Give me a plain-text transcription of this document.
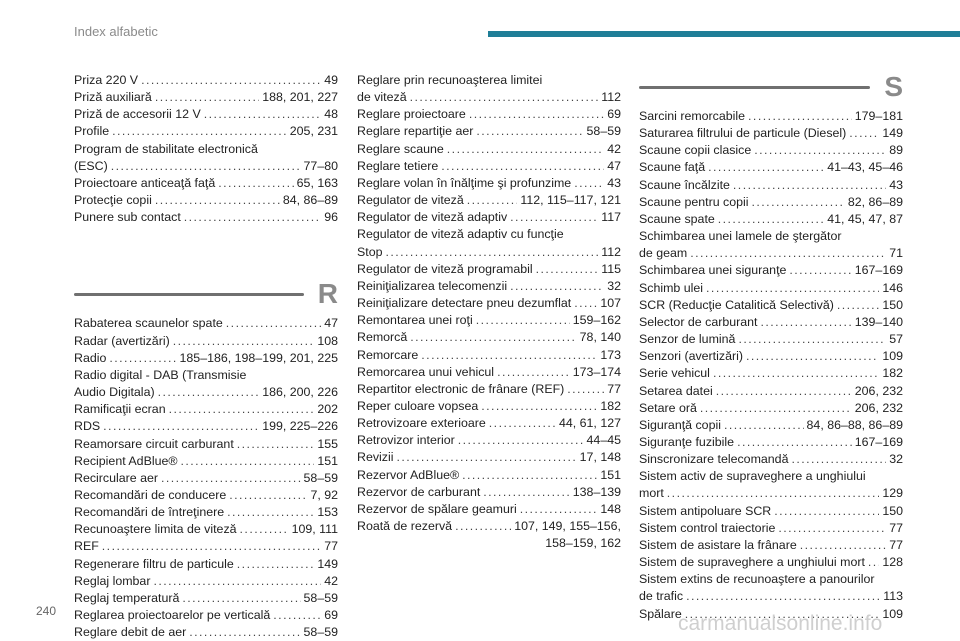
Index alfabetic
Priza 220 V . . .	49
Priză auxiliară . . .	188, 201, 227
Priză de accesorii 12 V . . .	48
Profile . . .	205, 231
Program de stabilitate electronică
(ESC) . . .	77–80
Proiectoare anticeaţă faţă . . .	65, 163
Protecţie copii . . .	84, 86–89
Punere sub contact . . .	96
R
Rabaterea scaunelor spate . . .	47
Radar (avertizări) . . .	108
Radio . . .	185–186, 198–199, 201, 225
Radio digital - DAB (Transmisie
Audio Digitala) . . .	186, 200, 226
Ramificaţii ecran . . .	202
RDS . . .	199, 225–226
Reamorsare circuit carburant . . .	155
Recipient AdBlue® . . .	151
Recirculare aer . . .	58–59
Recomandări de conducere . . .	7, 92
Recomandări de întreţinere . . .	153
Recunoaştere limita de viteză . . .	109, 111
REF . . .	77
Regenerare filtru de particule . . .	149
Reglaj lombar . . .	42
Reglaj temperatură . . .	58–59
Reglarea proiectoarelor pe verticală . . .	69
Reglare debit de aer . . .	58–59
Reglare prin recunoaşterea limitei
de viteză . . .	112
Reglare proiectoare . . .	69
Reglare repartiţie aer . . .	58–59
Reglare scaune . . .	42
Reglare tetiere . . .	47
Reglare volan în înălţime şi profunzime . . .	43
Regulator de viteză . . .	112, 115–117, 121
Regulator de viteză adaptiv . . .	117
Regulator de viteză adaptiv cu funcţie
Stop . . .	112
Regulator de viteză programabil . . .	115
Reiniţializarea telecomenzii . . .	32
Reiniţializare detectare pneu dezumflat . . . 107
Remontarea unei roţi . . .	159–162
Remorcă . . .	78, 140
Remorcare . . .	173
Remorcarea unui vehicul . . .	173–174
Repartitor electronic de frânare (REF) . . .	77
Reper culoare vopsea . . .	182
Retrovizoare exterioare . . .	44, 61, 127
Retrovizor interior . . .	44–45
Revizii . . .	17, 148
Rezervor AdBlue® . . .	151
Rezervor de carburant . . .	138–139
Rezervor de spălare geamuri . . .	148
Roată de rezervă . . .	107, 149, 155–156,
158–159, 162
S
Sarcini remorcabile . . .	179–181
Saturarea filtrului de particule (Diesel) . . .	149
Scaune copii clasice . . .	89
Scaune faţă . . .	41–43, 45–46
Scaune încălzite . . .	43
Scaune pentru copii . . .	82, 86–89
Scaune spate . . .	41, 45, 47, 87
Schimbarea unei lamele de ştergător
de geam . . .	71
Schimbarea unei siguranţe . . .	167–169
Schimb ulei . . .	146
SCR (Reducţie Catalitică Selectivă) . . .	150
Selector de carburant . . .	139–140
Senzor de lumină . . .	57
Senzori (avertizări) . . .	109
Serie vehicul . . .	182
Setarea datei . . .	206, 232
Setare oră . . .	206, 232
Siguranţă copii . . .	84, 86–88, 86–89
Siguranţe fuzibile . . .	167–169
Sinscronizare telecomandă . . .	32
Sistem activ de supraveghere a unghiului
mort . . .	129
Sistem antipoluare SCR . . .	150
Sistem control traiectorie . . .	77
Sistem de asistare la frânare . . .	77
Sistem de supraveghere a unghiului mort . . . 128
Sistem extins de recunoaştere a panourilor
de trafic . . .	113
Spălare . . .	109
240
carmanualsonline.info
